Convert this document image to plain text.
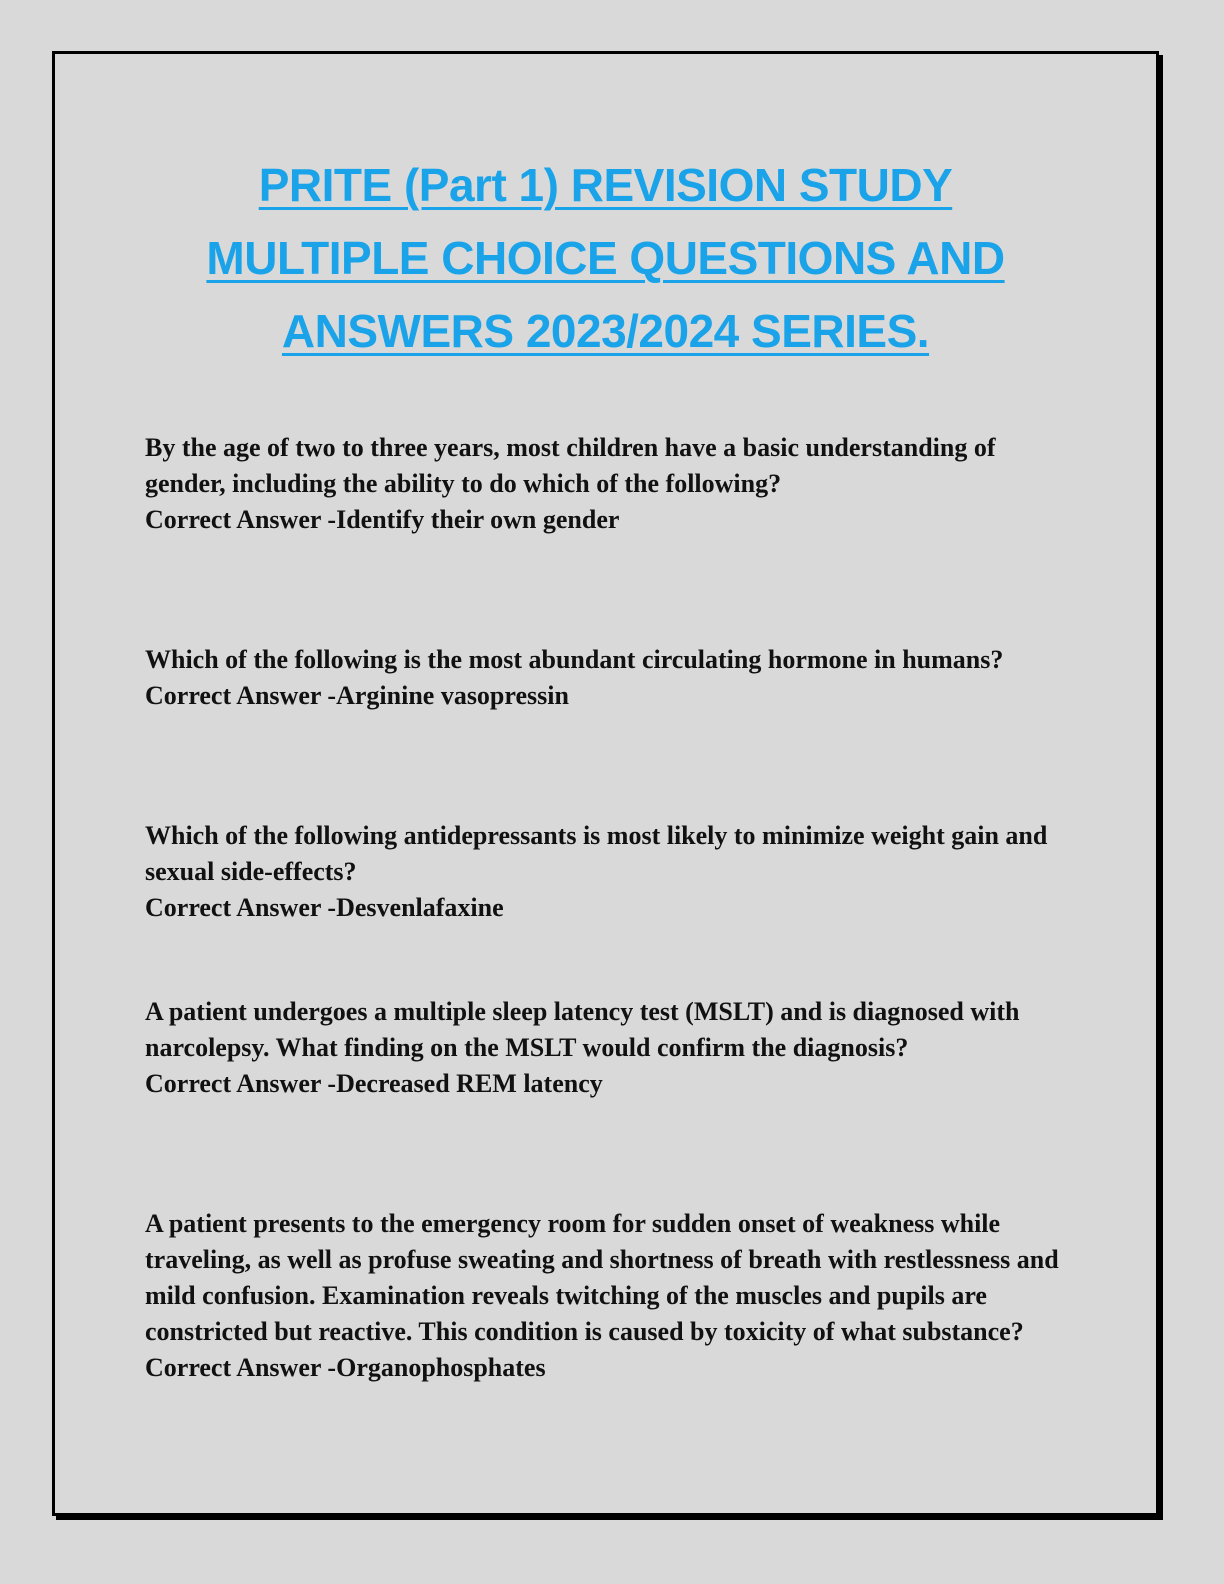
PRITE (Part 1) REVISION STUDY
MULTIPLE CHOICE QUESTIONS AND
ANSWERS 2023/2024 SERIES.

By the age of two to three years, most children have a basic understanding of gender, including the ability to do which of the following?

Correct Answer -Identify their own gender

Which of the following is the most abundant circulating hormone in humans?

Correct Answer -Arginine vasopressin

Which of the following antidepressants is most likely to minimize weight gain and sexual side-effects?

Correct Answer -Desvenlafaxine

A patient undergoes a multiple sleep latency test (MSLT) and is diagnosed with narcolepsy. What finding on the MSLT would confirm the diagnosis?

Correct Answer -Decreased REM latency

A patient presents to the emergency room for sudden onset of weakness while traveling, as well as profuse sweating and shortness of breath with restlessness and mild confusion. Examination reveals twitching of the muscles and pupils are constricted but reactive. This condition is caused by toxicity of what substance?

Correct Answer -Organophosphates
